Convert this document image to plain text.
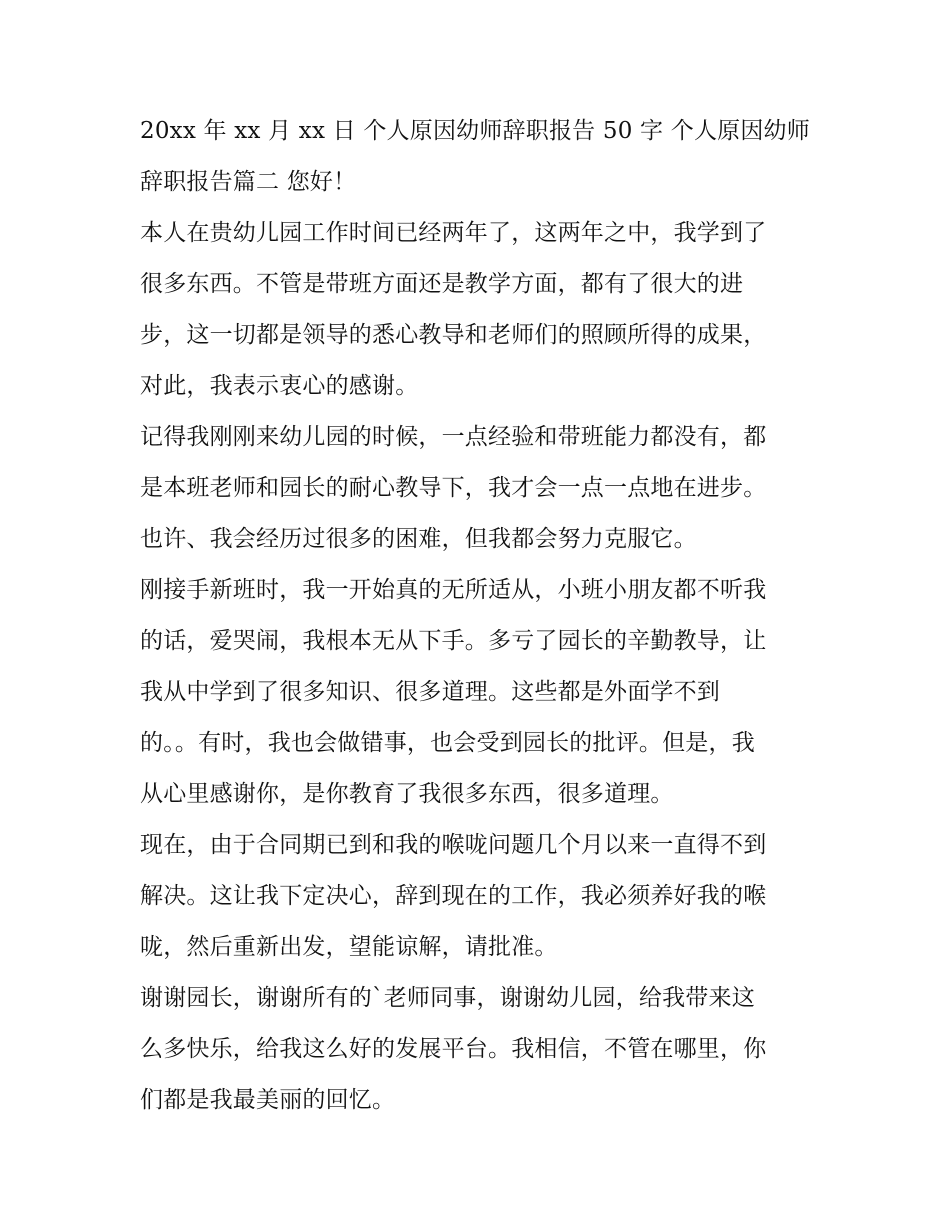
20xx 年 xx 月 xx 日 个人原因幼师辞职报告 50 字 个人原因幼师
辞职报告篇二 您好！
本人在贵幼儿园工作时间已经两年了，这两年之中，我学到了
很多东西。不管是带班方面还是教学方面，都有了很大的进
步，这一切都是领导的悉心教导和老师们的照顾所得的成果，
对此，我表示衷心的感谢。
记得我刚刚来幼儿园的时候，一点经验和带班能力都没有，都
是本班老师和园长的耐心教导下，我才会一点一点地在进步。
也许、我会经历过很多的困难，但我都会努力克服它。
刚接手新班时，我一开始真的无所适从，小班小朋友都不听我
的话，爱哭闹，我根本无从下手。多亏了园长的辛勤教导，让
我从中学到了很多知识、很多道理。这些都是外面学不到
的。。有时，我也会做错事，也会受到园长的批评。但是，我
从心里感谢你，是你教育了我很多东西，很多道理。
现在，由于合同期已到和我的喉咙问题几个月以来一直得不到
解决。这让我下定决心，辞到现在的工作，我必须养好我的喉
咙，然后重新出发，望能谅解，请批准。
谢谢园长，谢谢所有的`老师同事，谢谢幼儿园，给我带来这
么多快乐，给我这么好的发展平台。我相信，不管在哪里，你
们都是我最美丽的回忆。
